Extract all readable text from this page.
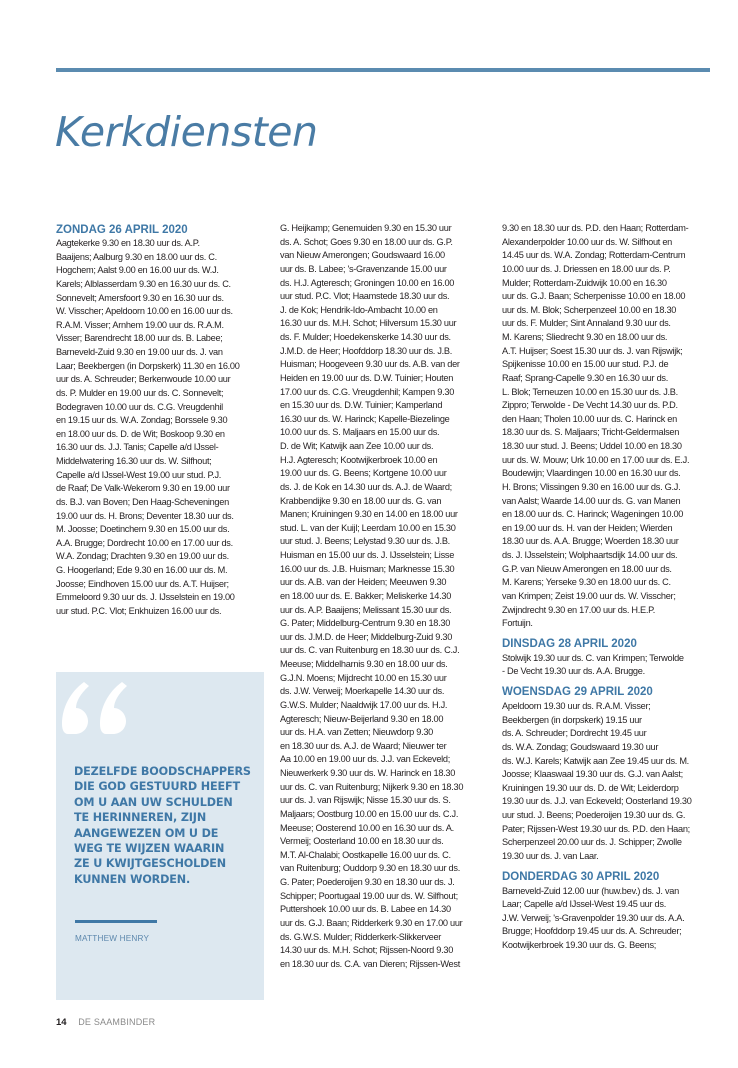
Kerkdiensten
ZONDAG 26 APRIL 2020

Aagtekerke 9.30 en 18.30 uur ds. A.P.

Baaijens; Aalburg 9.30 en 18.00 uur ds. C.

Hogchem; Aalst 9.00 en 16.00 uur ds. W.J.

Karels; Alblasserdam 9.30 en 16.30 uur ds. C.

Sonnevelt; Amersfoort 9.30 en 16.30 uur ds.

W. Visscher; Apeldoorn 10.00 en 16.00 uur ds.

R.A.M. Visser; Arnhem 19.00 uur ds. R.A.M.

Visser; Barendrecht 18.00 uur ds. B. Labee;

Barneveld-Zuid 9.30 en 19.00 uur ds. J. van

Laar; Beekbergen (in Dorpskerk) 11.30 en 16.00

uur ds. A. Schreuder; Berkenwoude 10.00 uur

ds. P. Mulder en 19.00 uur ds. C. Sonnevelt;

Bodegraven 10.00 uur ds. C.G. Vreugdenhil

en 19.15 uur ds. W.A. Zondag; Borssele 9.30

en 18.00 uur ds. D. de Wit; Boskoop 9.30 en

16.30 uur ds. J.J. Tanis; Capelle a/d IJssel-

Middelwatering 16.30 uur ds. W. Silfhout;

Capelle a/d IJssel-West 19.00 uur stud. P.J.

de Raaf; De Valk-Wekerom 9.30 en 19.00 uur

ds. B.J. van Boven; Den Haag-Scheveningen

19.00 uur ds. H. Brons; Deventer 18.30 uur ds.

M. Joosse; Doetinchem 9.30 en 15.00 uur ds.

A.A. Brugge; Dordrecht 10.00 en 17.00 uur ds.

W.A. Zondag; Drachten 9.30 en 19.00 uur ds.

G. Hoogerland; Ede 9.30 en 16.00 uur ds. M.

Joosse; Eindhoven 15.00 uur ds. A.T. Huijser;

Emmeloord 9.30 uur ds. J. IJsselstein en 19.00

uur stud. P.C. Vlot; Enkhuizen 16.00 uur ds.

G. Heijkamp; Genemuiden 9.30 en 15.30 uur

ds. A. Schot; Goes 9.30 en 18.00 uur ds. G.P.

van Nieuw Amerongen; Goudswaard 16.00

uur ds. B. Labee; 's-Gravenzande 15.00 uur

ds. H.J. Agteresch; Groningen 10.00 en 16.00

uur stud. P.C. Vlot; Haamstede 18.30 uur ds.

J. de Kok; Hendrik-Ido-Ambacht 10.00 en

16.30 uur ds. M.H. Schot; Hilversum 15.30 uur

ds. F. Mulder; Hoedekenskerke 14.30 uur ds.

J.M.D. de Heer; Hoofddorp 18.30 uur ds. J.B.

Huisman; Hoogeveen 9.30 uur ds. A.B. van der

Heiden en 19.00 uur ds. D.W. Tuinier; Houten

17.00 uur ds. C.G. Vreugdenhil; Kampen 9.30

en 15.30 uur ds. D.W. Tuinier; Kamperland

16.30 uur ds. W. Harinck; Kapelle-Biezelinge

10.00 uur ds. S. Maljaars en 15.00 uur ds.

D. de Wit; Katwijk aan Zee 10.00 uur ds.

H.J. Agteresch; Kootwijkerbroek 10.00 en

19.00 uur ds. G. Beens; Kortgene 10.00 uur

ds. J. de Kok en 14.30 uur ds. A.J. de Waard;

Krabbendijke 9.30 en 18.00 uur ds. G. van

Manen; Kruiningen 9.30 en 14.00 en 18.00 uur

stud. L. van der Kuijl; Leerdam 10.00 en 15.30

uur stud. J. Beens; Lelystad 9.30 uur ds. J.B.

Huisman en 15.00 uur ds. J. IJsselstein; Lisse

16.00 uur ds. J.B. Huisman; Marknesse 15.30

uur ds. A.B. van der Heiden; Meeuwen 9.30

en 18.00 uur ds. E. Bakker; Meliskerke 14.30

uur ds. A.P. Baaijens; Melissant 15.30 uur ds.

G. Pater; Middelburg-Centrum 9.30 en 18.30

uur ds. J.M.D. de Heer; Middelburg-Zuid 9.30

uur ds. C. van Ruitenburg en 18.30 uur ds. C.J.

Meeuse; Middelharnis 9.30 en 18.00 uur ds.

G.J.N. Moens; Mijdrecht 10.00 en 15.30 uur

ds. J.W. Verweij; Moerkapelle 14.30 uur ds.

G.W.S. Mulder; Naaldwijk 17.00 uur ds. H.J.

Agteresch; Nieuw-Beijerland 9.30 en 18.00

uur ds. H.A. van Zetten; Nieuwdorp 9.30

en 18.30 uur ds. A.J. de Waard; Nieuwer ter

Aa 10.00 en 19.00 uur ds. J.J. van Eckeveld;

Nieuwerkerk 9.30 uur ds. W. Harinck en 18.30

uur ds. C. van Ruitenburg; Nijkerk 9.30 en 18.30

uur ds. J. van Rijswijk; Nisse 15.30 uur ds. S.

Maljaars; Oostburg 10.00 en 15.00 uur ds. C.J.

Meeuse; Oosterend 10.00 en 16.30 uur ds. A.

Vermeij; Oosterland 10.00 en 18.30 uur ds.

M.T. Al-Chalabi; Oostkapelle 16.00 uur ds. C.

van Ruitenburg; Ouddorp 9.30 en 18.30 uur ds.

G. Pater; Poederoijen 9.30 en 18.30 uur ds. J.

Schipper; Poortugaal 19.00 uur ds. W. Silfhout;

Puttershoek 10.00 uur ds. B. Labee en 14.30

uur ds. G.J. Baan; Ridderkerk 9.30 en 17.00 uur

ds. G.W.S. Mulder; Ridderkerk-Slikkerveer

14.30 uur ds. M.H. Schot; Rijssen-Noord 9.30

en 18.30 uur ds. C.A. van Dieren; Rijssen-West

9.30 en 18.30 uur ds. P.D. den Haan; Rotterdam-

Alexanderpolder 10.00 uur ds. W. Silfhout en

14.45 uur ds. W.A. Zondag; Rotterdam-Centrum

10.00 uur ds. J. Driessen en 18.00 uur ds. P.

Mulder; Rotterdam-Zuidwijk 10.00 en 16.30

uur ds. G.J. Baan; Scherpenisse 10.00 en 18.00

uur ds. M. Blok; Scherpenzeel 10.00 en 18.30

uur ds. F. Mulder; Sint Annaland 9.30 uur ds.

M. Karens; Sliedrecht 9.30 en 18.00 uur ds.

A.T. Huijser; Soest 15.30 uur ds. J. van Rijswijk;

Spijkenisse 10.00 en 15.00 uur stud. P.J. de

Raaf; Sprang-Capelle 9.30 en 16.30 uur ds.

L. Blok; Terneuzen 10.00 en 15.30 uur ds. J.B.

Zippro; Terwolde - De Vecht 14.30 uur ds. P.D.

den Haan; Tholen 10.00 uur ds. C. Harinck en

18.30 uur ds. S. Maljaars; Tricht-Geldermalsen

18.30 uur stud. J. Beens; Uddel 10.00 en 18.30

uur ds. W. Mouw; Urk 10.00 en 17.00 uur ds. E.J.

Boudewijn; Vlaardingen 10.00 en 16.30 uur ds.

H. Brons; Vlissingen 9.30 en 16.00 uur ds. G.J.

van Aalst; Waarde 14.00 uur ds. G. van Manen

en 18.00 uur ds. C. Harinck; Wageningen 10.00

en 19.00 uur ds. H. van der Heiden; Wierden

18.30 uur ds. A.A. Brugge; Woerden 18.30 uur

ds. J. IJsselstein; Wolphaartsdijk 14.00 uur ds.

G.P. van Nieuw Amerongen en 18.00 uur ds.

M. Karens; Yerseke 9.30 en 18.00 uur ds. C.

van Krimpen; Zeist 19.00 uur ds. W. Visscher;

Zwijndrecht 9.30 en 17.00 uur ds. H.E.P.

Fortuijn.

DINSDAG 28 APRIL 2020

Stolwijk 19.30 uur ds. C. van Krimpen; Terwolde

- De Vecht 19.30 uur ds. A.A. Brugge.

WOENSDAG 29 APRIL 2020

Apeldoorn 19.30 uur ds. R.A.M. Visser;

Beekbergen (in dorpskerk) 19.15 uur

ds. A. Schreuder; Dordrecht 19.45 uur

ds. W.A. Zondag; Goudswaard 19.30 uur

ds. W.J. Karels; Katwijk aan Zee 19.45 uur ds. M.

Joosse; Klaaswaal 19.30 uur ds. G.J. van Aalst;

Kruiningen 19.30 uur ds. D. de Wit; Leiderdorp

19.30 uur ds. J.J. van Eckeveld; Oosterland 19.30

uur stud. J. Beens; Poederoijen 19.30 uur ds. G.

Pater; Rijssen-West 19.30 uur ds. P.D. den Haan;

Scherpenzeel 20.00 uur ds. J. Schipper; Zwolle

19.30 uur ds. J. van Laar.

DONDERDAG 30 APRIL 2020

Barneveld-Zuid 12.00 uur (huw.bev.) ds. J. van

Laar; Capelle a/d IJssel-West 19.45 uur ds.

J.W. Verweij; 's-Gravenpolder 19.30 uur ds. A.A.

Brugge; Hoofddorp 19.45 uur ds. A. Schreuder;

Kootwijkerbroek 19.30 uur ds. G. Beens;

DEZELFDE BOODSCHAPPERS

DIE GOD GESTUURD HEEFT

OM U AAN UW SCHULDEN

TE HERINNEREN, ZIJN

AANGEWEZEN OM U DE

WEG TE WIJZEN WAARIN

ZE U KWIJTGESCHOLDEN

KUNNEN WORDEN.

MATTHEW HENRY
14 DE SAAMBINDER
